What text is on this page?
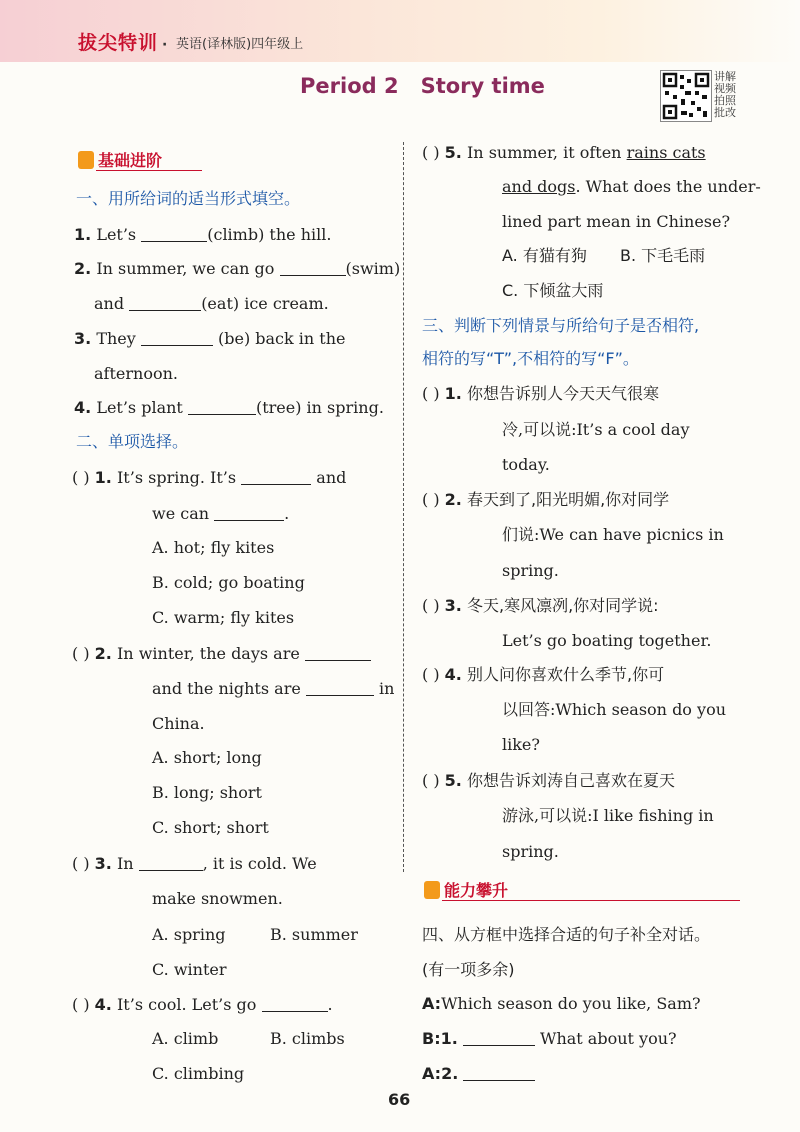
拔尖特训 · 英语(译林版)四年级上
Period 2 Story time	讲解视频 拍照批改
基础进阶
一、用所给词的适当形式填空。
1. Let’s	(climb) the hill.
2. In summer, we can go	(swim)
and	(eat) ice cream.
3. They	(be) back in the
afternoon.
4. Let’s plant	(tree) in spring.
二、单项选择。
( ) 1. It’s spring. It’s	and
we can	.
A. hot; fly kites
B. cold; go boating
C. warm; fly kites
( ) 2. In winter, the days are
and the nights are	in
China.
A. short; long
B. long; short
C. short; short
( ) 3. In	, it is cold. We
make snowmen.
A. spring	B. summer
C. winter
( ) 4. It’s cool. Let’s go	.
A. climb	B. climbs
C. climbing
( ) 5. In summer, it often rains cats
and dogs. What does the under-
lined part mean in Chinese?
A. 有猫有狗 B. 下毛毛雨
C. 下倾盆大雨
三、判断下列情景与所给句子是否相符,
相符的写“T”,不相符的写“F”。
( ) 1. 你想告诉别人今天天气很寒
冷,可以说:It’s a cool day
today.
( ) 2. 春天到了,阳光明媚,你对同学
们说:We can have picnics in
spring.
( ) 3. 冬天,寒风凛冽,你对同学说:
Let’s go boating together.
( ) 4. 别人问你喜欢什么季节,你可
以回答:Which season do you
like?
( ) 5. 你想告诉刘涛自己喜欢在夏天
游泳,可以说:I like fishing in
spring.
能力攀升
四、从方框中选择合适的句子补全对话。
(有一项多余)
A:Which season do you like, Sam?
B:1.	What about you?
A:2.
66
